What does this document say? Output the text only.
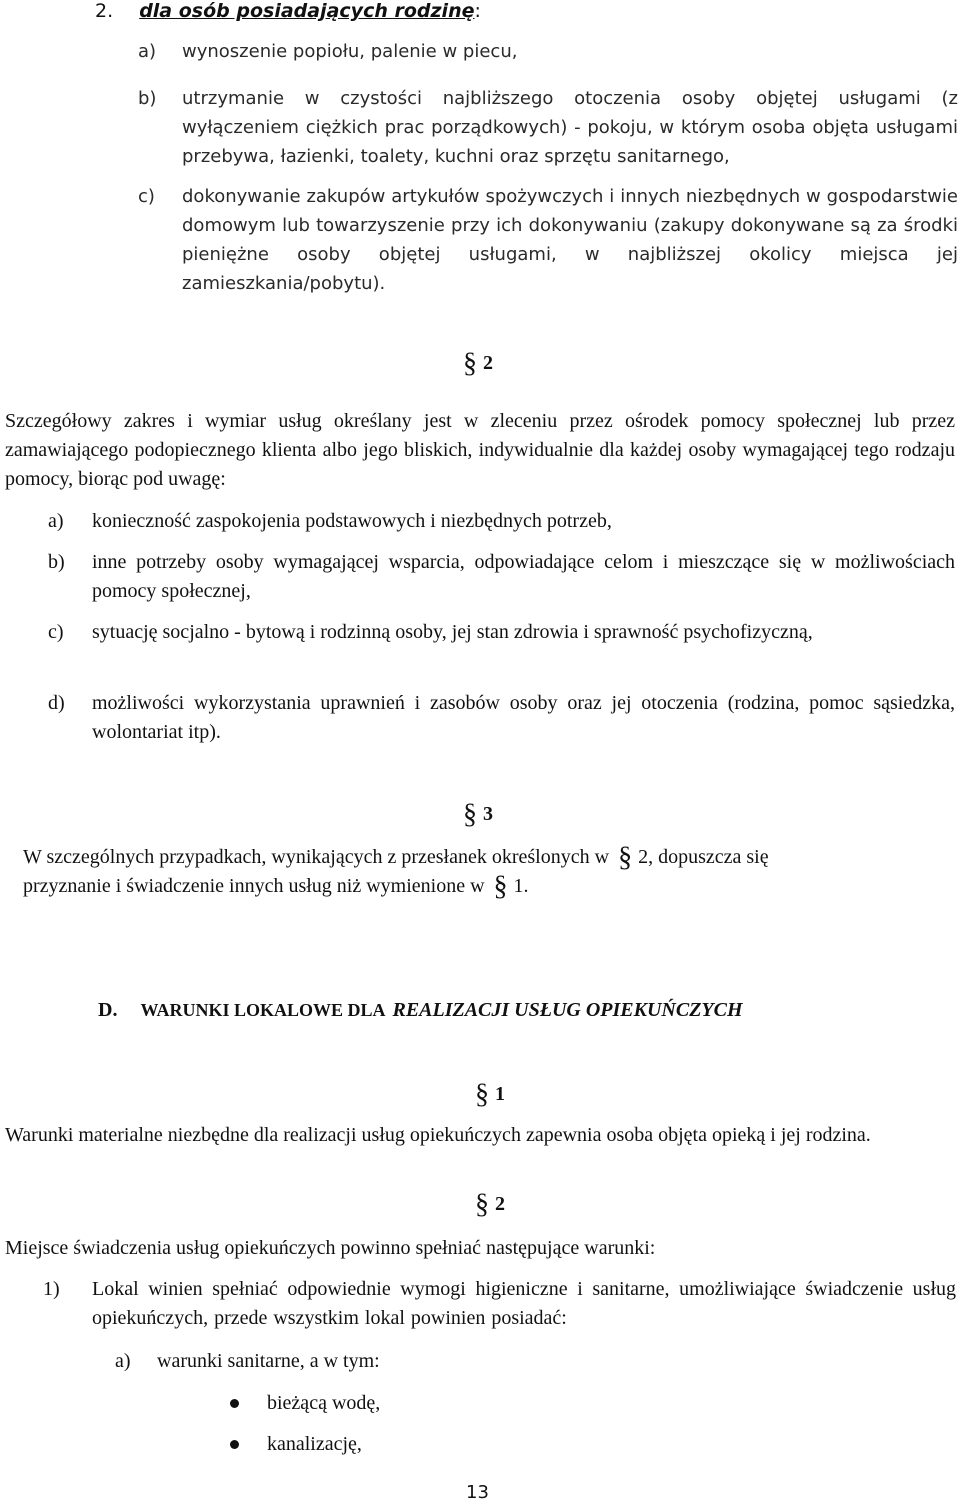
2. dla osób posiadających rodzinę:
a) wynoszenie popiołu, palenie w piecu,
b) utrzymanie w czystości najbliższego otoczenia osoby objętej usługami (z wyłączeniem ciężkich prac porządkowych) - pokoju, w którym osoba objęta usługami przebywa, łazienki, toalety, kuchni oraz sprzętu sanitarnego,
c) dokonywanie zakupów artykułów spożywczych i innych niezbędnych w gospodarstwie domowym lub towarzyszenie przy ich dokonywaniu (zakupy dokonywane są za środki pieniężne osoby objętej usługami, w najbliższej okolicy miejsca jej zamieszkania/pobytu).
§ 2
Szczegółowy zakres i wymiar usług określany jest w zleceniu przez ośrodek pomocy społecznej lub przez zamawiającego podopiecznego klienta albo jego bliskich, indywidualnie dla każdej osoby wymagającej tego rodzaju pomocy, biorąc pod uwagę:
a) konieczność zaspokojenia podstawowych i niezbędnych potrzeb,
b) inne potrzeby osoby wymagającej wsparcia, odpowiadające celom i mieszczące się w możliwościach pomocy społecznej,
c) sytuację socjalno - bytową i rodzinną osoby, jej stan zdrowia i sprawność psychofizyczną,
d) możliwości wykorzystania uprawnień i zasobów osoby oraz jej otoczenia (rodzina, pomoc sąsiedzka, wolontariat itp).
§ 3
W szczególnych przypadkach, wynikających z przesłanek określonych w § 2, dopuszcza się
przyznanie i świadczenie innych usług niż wymienione w § 1.
D. WARUNKI LOKALOWE DLA REALIZACJI USŁUG OPIEKUŃCZYCH
§ 1
Warunki materialne niezbędne dla realizacji usług opiekuńczych zapewnia osoba objęta opieką i jej rodzina.
§ 2
Miejsce świadczenia usług opiekuńczych powinno spełniać następujące warunki:
1) Lokal winien spełniać odpowiednie wymogi higieniczne i sanitarne, umożliwiające świadczenie usług opiekuńczych, przede wszystkim lokal powinien posiadać:
a) warunki sanitarne, a w tym:
bieżącą wodę,
kanalizację,
13
